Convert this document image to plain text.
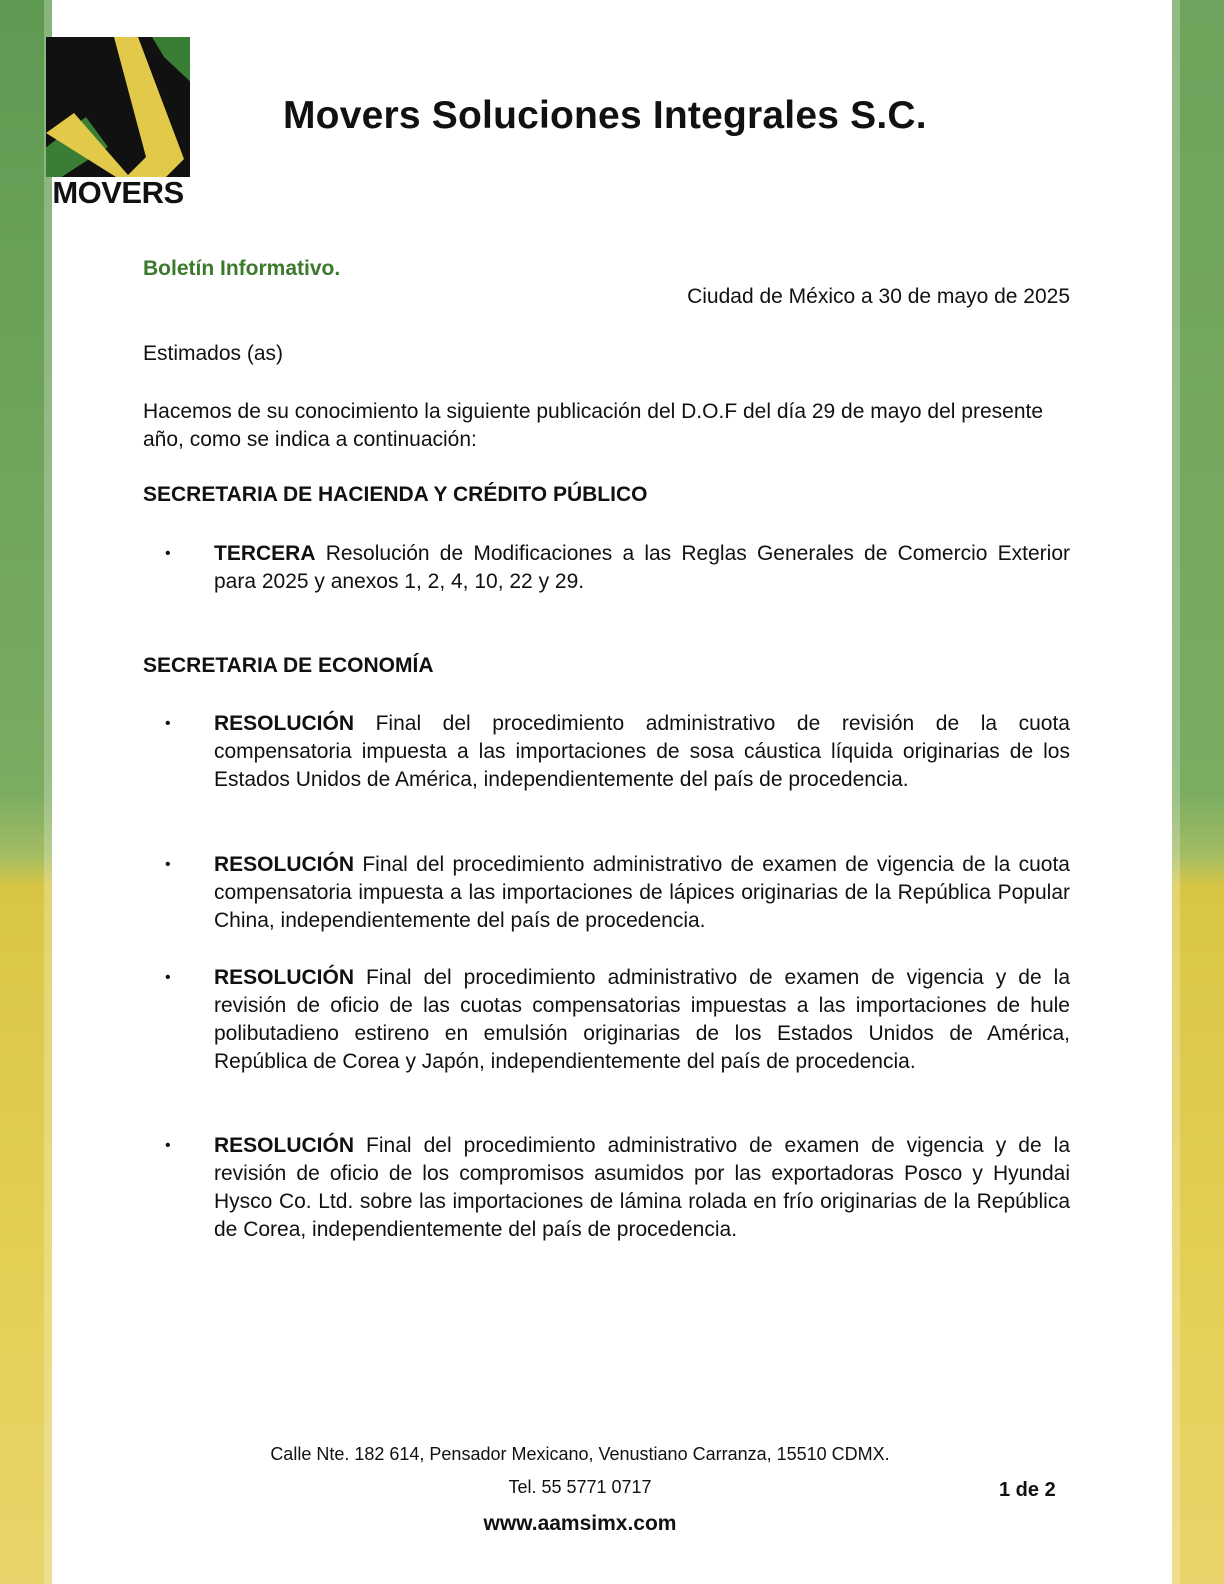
MOVERS
Movers Soluciones Integrales S.C.
Boletín Informativo.
Ciudad de México a 30 de mayo de 2025
Estimados (as)
Hacemos de su conocimiento la siguiente publicación del D.O.F del día 29 de mayo del presente año, como se indica a continuación:
SECRETARIA DE HACIENDA Y CRÉDITO PÚBLICO
• TERCERA Resolución de Modificaciones a las Reglas Generales de Comercio Exterior para 2025 y anexos 1, 2, 4, 10, 22 y 29.
SECRETARIA DE ECONOMÍA
• RESOLUCIÓN Final del procedimiento administrativo de revisión de la cuota compensatoria impuesta a las importaciones de sosa cáustica líquida originarias de los Estados Unidos de América, independientemente del país de procedencia.
• RESOLUCIÓN Final del procedimiento administrativo de examen de vigencia de la cuota compensatoria impuesta a las importaciones de lápices originarias de la República Popular China, independientemente del país de procedencia.
• RESOLUCIÓN Final del procedimiento administrativo de examen de vigencia y de la revisión de oficio de las cuotas compensatorias impuestas a las importaciones de hule polibutadieno estireno en emulsión originarias de los Estados Unidos de América, República de Corea y Japón, independientemente del país de procedencia.
• RESOLUCIÓN Final del procedimiento administrativo de examen de vigencia y de la revisión de oficio de los compromisos asumidos por las exportadoras Posco y Hyundai Hysco Co. Ltd. sobre las importaciones de lámina rolada en frío originarias de la República de Corea, independientemente del país de procedencia.
Calle Nte. 182 614, Pensador Mexicano, Venustiano Carranza, 15510 CDMX.
Tel. 55 5771 0717
www.aamsimx.com
1 de 2
